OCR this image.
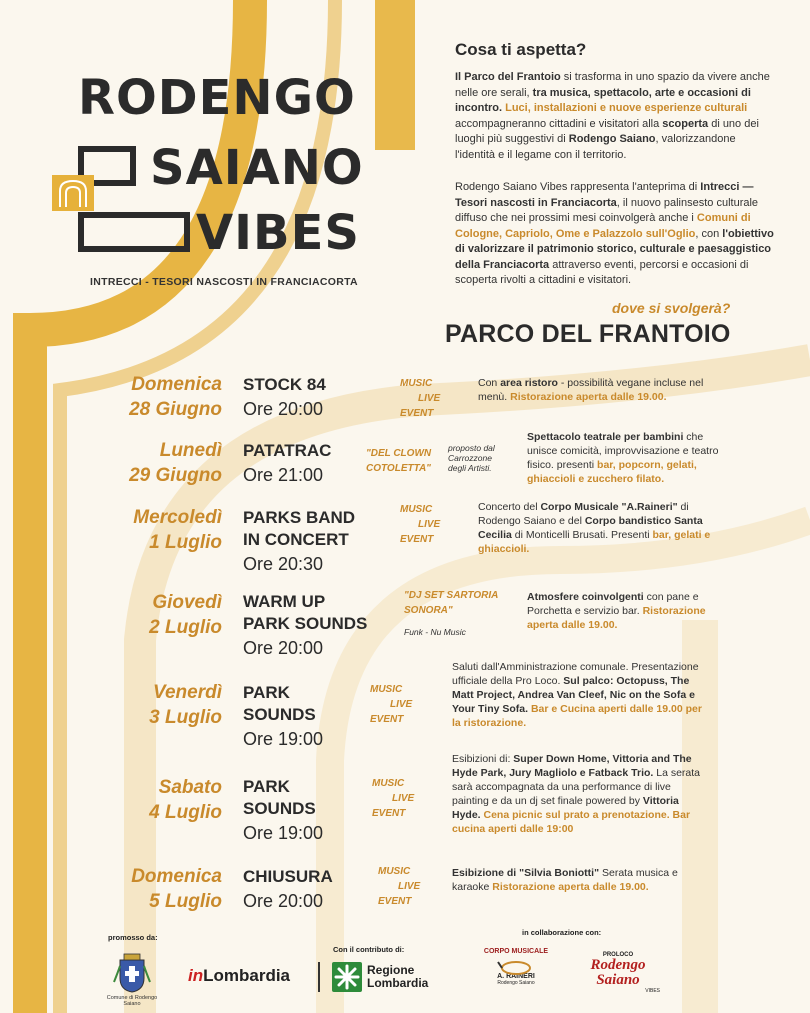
RODENGO
SAIANO
VIBES
INTRECCI - TESORI NASCOSTI IN FRANCIACORTA
Cosa ti aspetta?
Il Parco del Frantoio si trasforma in uno spazio da vivere anche nelle ore serali, tra musica, spettacolo, arte e occasioni di incontro. Luci, installazioni e nuove esperienze culturali accompagneranno cittadini e visitatori alla scoperta di uno dei luoghi più suggestivi di Rodengo Saiano, valorizzandone l'identità e il legame con il territorio.
Rodengo Saiano Vibes rappresenta l'anteprima di Intrecci — Tesori nascosti in Franciacorta, il nuovo palinsesto culturale diffuso che nei prossimi mesi coinvolgerà anche i Comuni di Cologne, Capriolo, Ome e Palazzolo sull'Oglio, con l'obiettivo di valorizzare il patrimonio storico, culturale e paesaggistico della Franciacorta attraverso eventi, percorsi e occasioni di scoperta rivolti a cittadini e visitatori.
dove si svolgerà?
PARCO DEL FRANTOIO
Domenica
28 Giugno
STOCK 84
Ore 20:00
MUSIC
LIVE
EVENT
Con area ristoro - possibilità vegane incluse nel menù. Ristorazione aperta dalle 19.00.
Lunedì
29 Giugno
PATATRAC
Ore 21:00
"DEL CLOWN
COTOLETTA"
proposto dal Carrozzone degli Artisti.
Spettacolo teatrale per bambini che unisce comicità, improvvisazione e teatro fisico. presenti bar, popcorn, gelati, ghiaccioli e zucchero filato.
Mercoledì
1 Luglio
PARKS BAND
IN CONCERT
Ore 20:30
MUSIC
LIVE
EVENT
Concerto del Corpo Musicale "A.Raineri" di Rodengo Saiano e del Corpo bandistico Santa Cecilia di Monticelli Brusati. Presenti bar, gelati e ghiaccioli.
Giovedì
2 Luglio
WARM UP
PARK SOUNDS
Ore 20:00
"DJ SET SARTORIA
SONORA"
Funk - Nu Music
Atmosfere coinvolgenti con pane e Porchetta e servizio bar. Ristorazione aperta dalle 19.00.
Venerdì
3 Luglio
PARK
SOUNDS
Ore 19:00
MUSIC
LIVE
EVENT
Saluti dall'Amministrazione comunale. Presentazione ufficiale della Pro Loco. Sul palco: Octopuss, The Matt Project, Andrea Van Cleef, Nic on the Sofa e Your Tiny Sofa. Bar e Cucina aperti dalle 19.00 per la ristorazione.
Sabato
4 Luglio
PARK
SOUNDS
Ore 19:00
MUSIC
LIVE
EVENT
Esibizioni di: Super Down Home, Vittoria and The Hyde Park, Jury Magliolo e Fatback Trio. La serata sarà accompagnata da una performance di live painting e da un dj set finale powered by Vittoria Hyde. Cena picnic sul prato a prenotazione. Bar cucina aperti dalle 19:00
Domenica
5 Luglio
CHIUSURA
Ore 20:00
MUSIC
LIVE
EVENT
Esibizione di "Silvia Boniotti" Serata musica e karaoke Ristorazione aperta dalle 19.00.
promosso da:
Con il contributo di:
in collaborazione con:
Comune di Rodengo Saiano
inLombardia	Regione
Lombardia
CORPO MUSICALE
A. RAINERI
Rodengo Saiano
PROLOCO
Rodengo Saiano
VIBES
